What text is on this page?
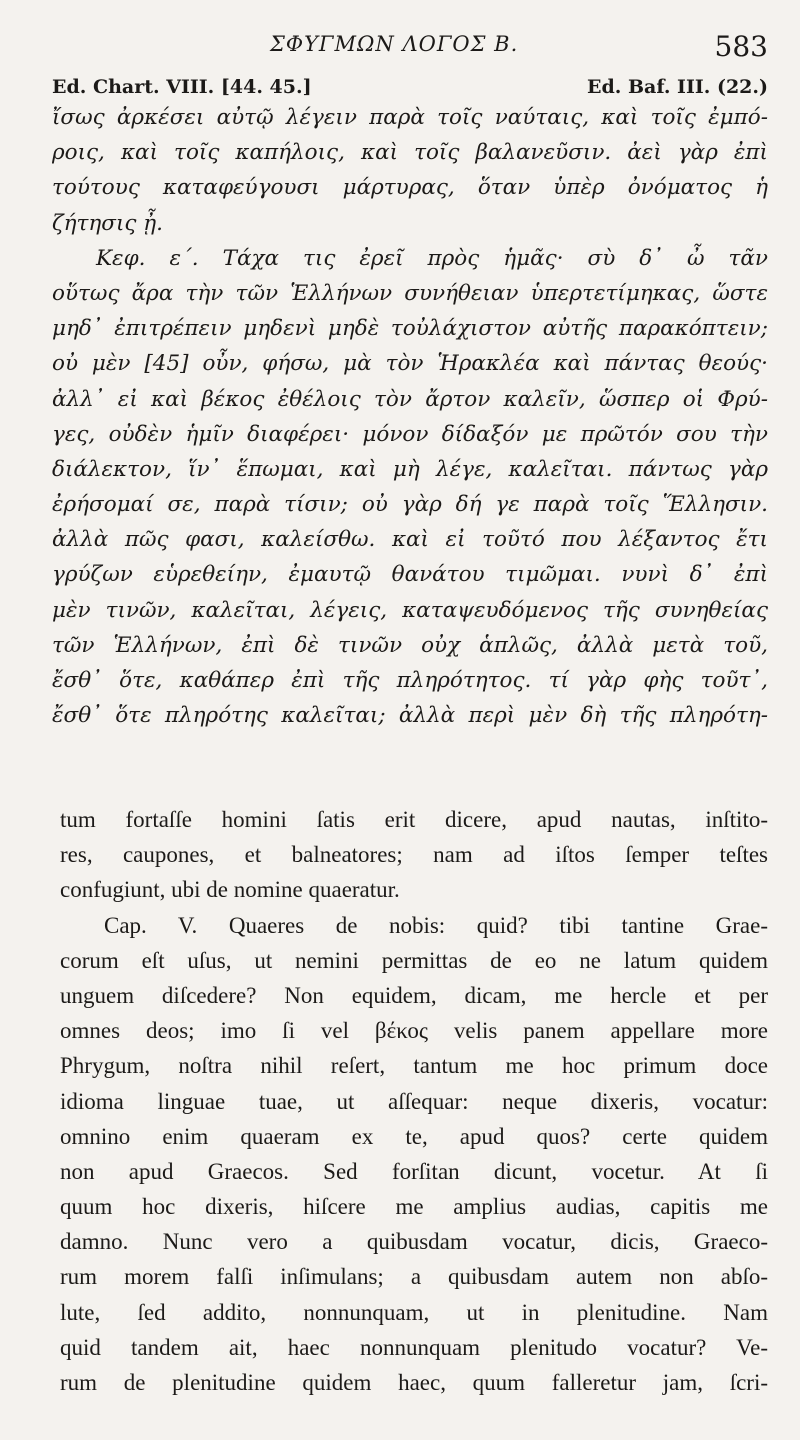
ΣΦΥΓΜΩΝ ΛΟΓΟΣ Β.	583
Ed. Chart. VIII. [44. 45.]	Ed. Baf. III. (22.)
ἴσως ἀρκέσει αὐτῷ λέγειν παρὰ τοῖς ναύταις, καὶ τοῖς ἐμπό-
ροις, καὶ τοῖς καπήλοις, καὶ τοῖς βαλανεῦσιν. ἀεὶ γὰρ ἐπὶ
τούτους καταφεύγουσι μάρτυρας, ὅταν ὑπὲρ ὀνόματος ἡ
ζήτησις ᾖ.
Κεφ. ε΄. Τάχα τις ἐρεῖ πρὸς ἡμᾶς· σὺ δ᾽ ὦ τᾶν
οὕτως ἄρα τὴν τῶν Ἑλλήνων συνήθειαν ὑπερτετίμηκας, ὥστε
μηδ᾽ ἐπιτρέπειν μηδενὶ μηδὲ τοὐλάχιστον αὐτῆς παρακόπτειν;
οὐ μὲν [45] οὖν, φήσω, μὰ τὸν Ἡρακλέα καὶ πάντας θεούς·
ἀλλ᾽ εἰ καὶ βέκος ἐθέλοις τὸν ἄρτον καλεῖν, ὥσπερ οἱ Φρύ-
γες, οὐδὲν ἡμῖν διαφέρει· μόνον δίδαξόν με πρῶτόν σου τὴν
διάλεκτον, ἵν᾽ ἕπωμαι, καὶ μὴ λέγε, καλεῖται. πάντως γὰρ
ἐρήσομαί σε, παρὰ τίσιν; οὐ γὰρ δή γε παρὰ τοῖς Ἕλλησιν.
ἀλλὰ πῶς φασι, καλείσθω. καὶ εἰ τοῦτό που λέξαντος ἔτι
γρύζων εὑρεθείην, ἐμαυτῷ θανάτου τιμῶμαι. νυνὶ δ᾽ ἐπὶ
μὲν τινῶν, καλεῖται, λέγεις, καταψευδόμενος τῆς συνηθείας
τῶν Ἑλλήνων, ἐπὶ δὲ τινῶν οὐχ ἁπλῶς, ἀλλὰ μετὰ τοῦ,
ἔσθ᾽ ὅτε, καθάπερ ἐπὶ τῆς πληρότητος. τί γὰρ φὴς τοῦτ᾽,
ἔσθ᾽ ὅτε πληρότης καλεῖται; ἀλλὰ περὶ μὲν δὴ τῆς πληρότη-
tum fortaſſe homini ſatis erit dicere, apud nautas, inſtito-
res, caupones, et balneatores; nam ad iſtos ſemper teſtes
confugiunt, ubi de nomine quaeratur.
Cap. V. Quaeres de nobis: quid? tibi tantine Grae-
corum eſt uſus, ut nemini permittas de eo ne latum quidem
unguem diſcedere? Non equidem, dicam, me hercle et per
omnes deos; imo ſi vel βέκος velis panem appellare more
Phrygum, noſtra nihil reſert, tantum me hoc primum doce
idioma linguae tuae, ut aſſequar: neque dixeris, vocatur:
omnino enim quaeram ex te, apud quos? certe quidem
non apud Graecos. Sed forſitan dicunt, vocetur. At ſi
quum hoc dixeris, hiſcere me amplius audias, capitis me
damno. Nunc vero a quibusdam vocatur, dicis, Graeco-
rum morem falſi inſimulans; a quibusdam autem non abſo-
lute, ſed addito, nonnunquam, ut in plenitudine. Nam
quid tandem ait, haec nonnunquam plenitudo vocatur? Ve-
rum de plenitudine quidem haec, quum falleretur jam, ſcri-
